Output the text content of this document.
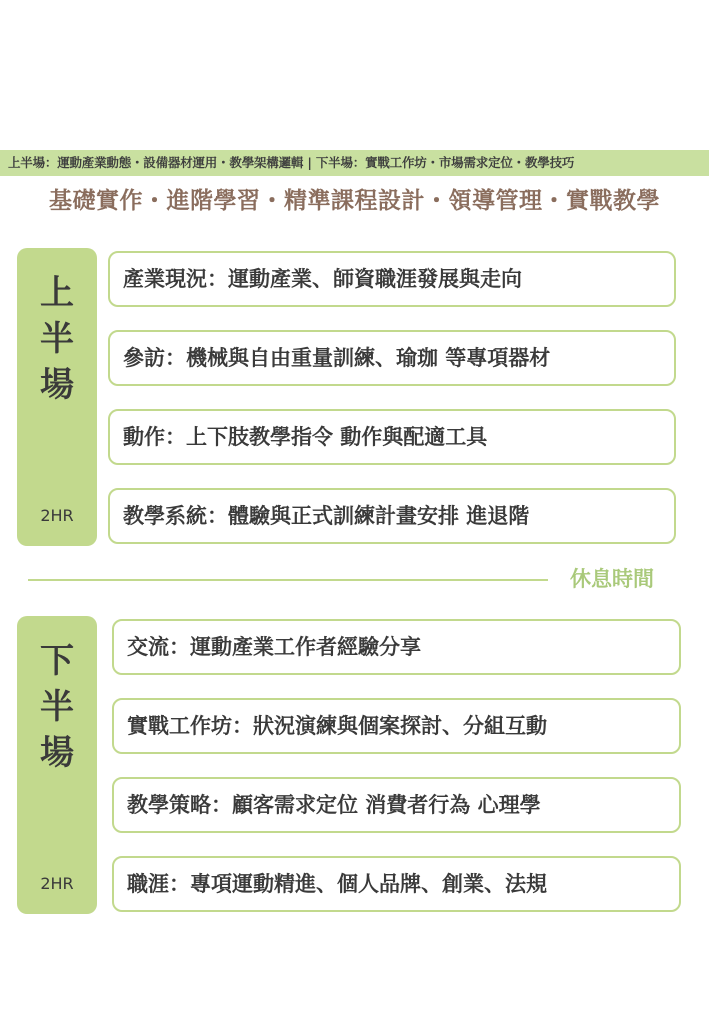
上半場：運動產業動態・設備器材運用・教學架構邏輯 | 下半場：實戰工作坊・市場需求定位・教學技巧
基礎實作・進階學習・精準課程設計・領導管理・實戰教學
上
半
場
2HR
產業現況：運動產業、師資職涯發展與走向
參訪：機械與自由重量訓練、瑜珈 等專項器材
動作：上下肢教學指令 動作與配適工具
教學系統：體驗與正式訓練計畫安排 進退階
休息時間
下
半
場
2HR
交流：運動產業工作者經驗分享
實戰工作坊：狀況演練與個案探討、分組互動
教學策略：顧客需求定位 消費者行為 心理學
職涯：專項運動精進、個人品牌、創業、法規
